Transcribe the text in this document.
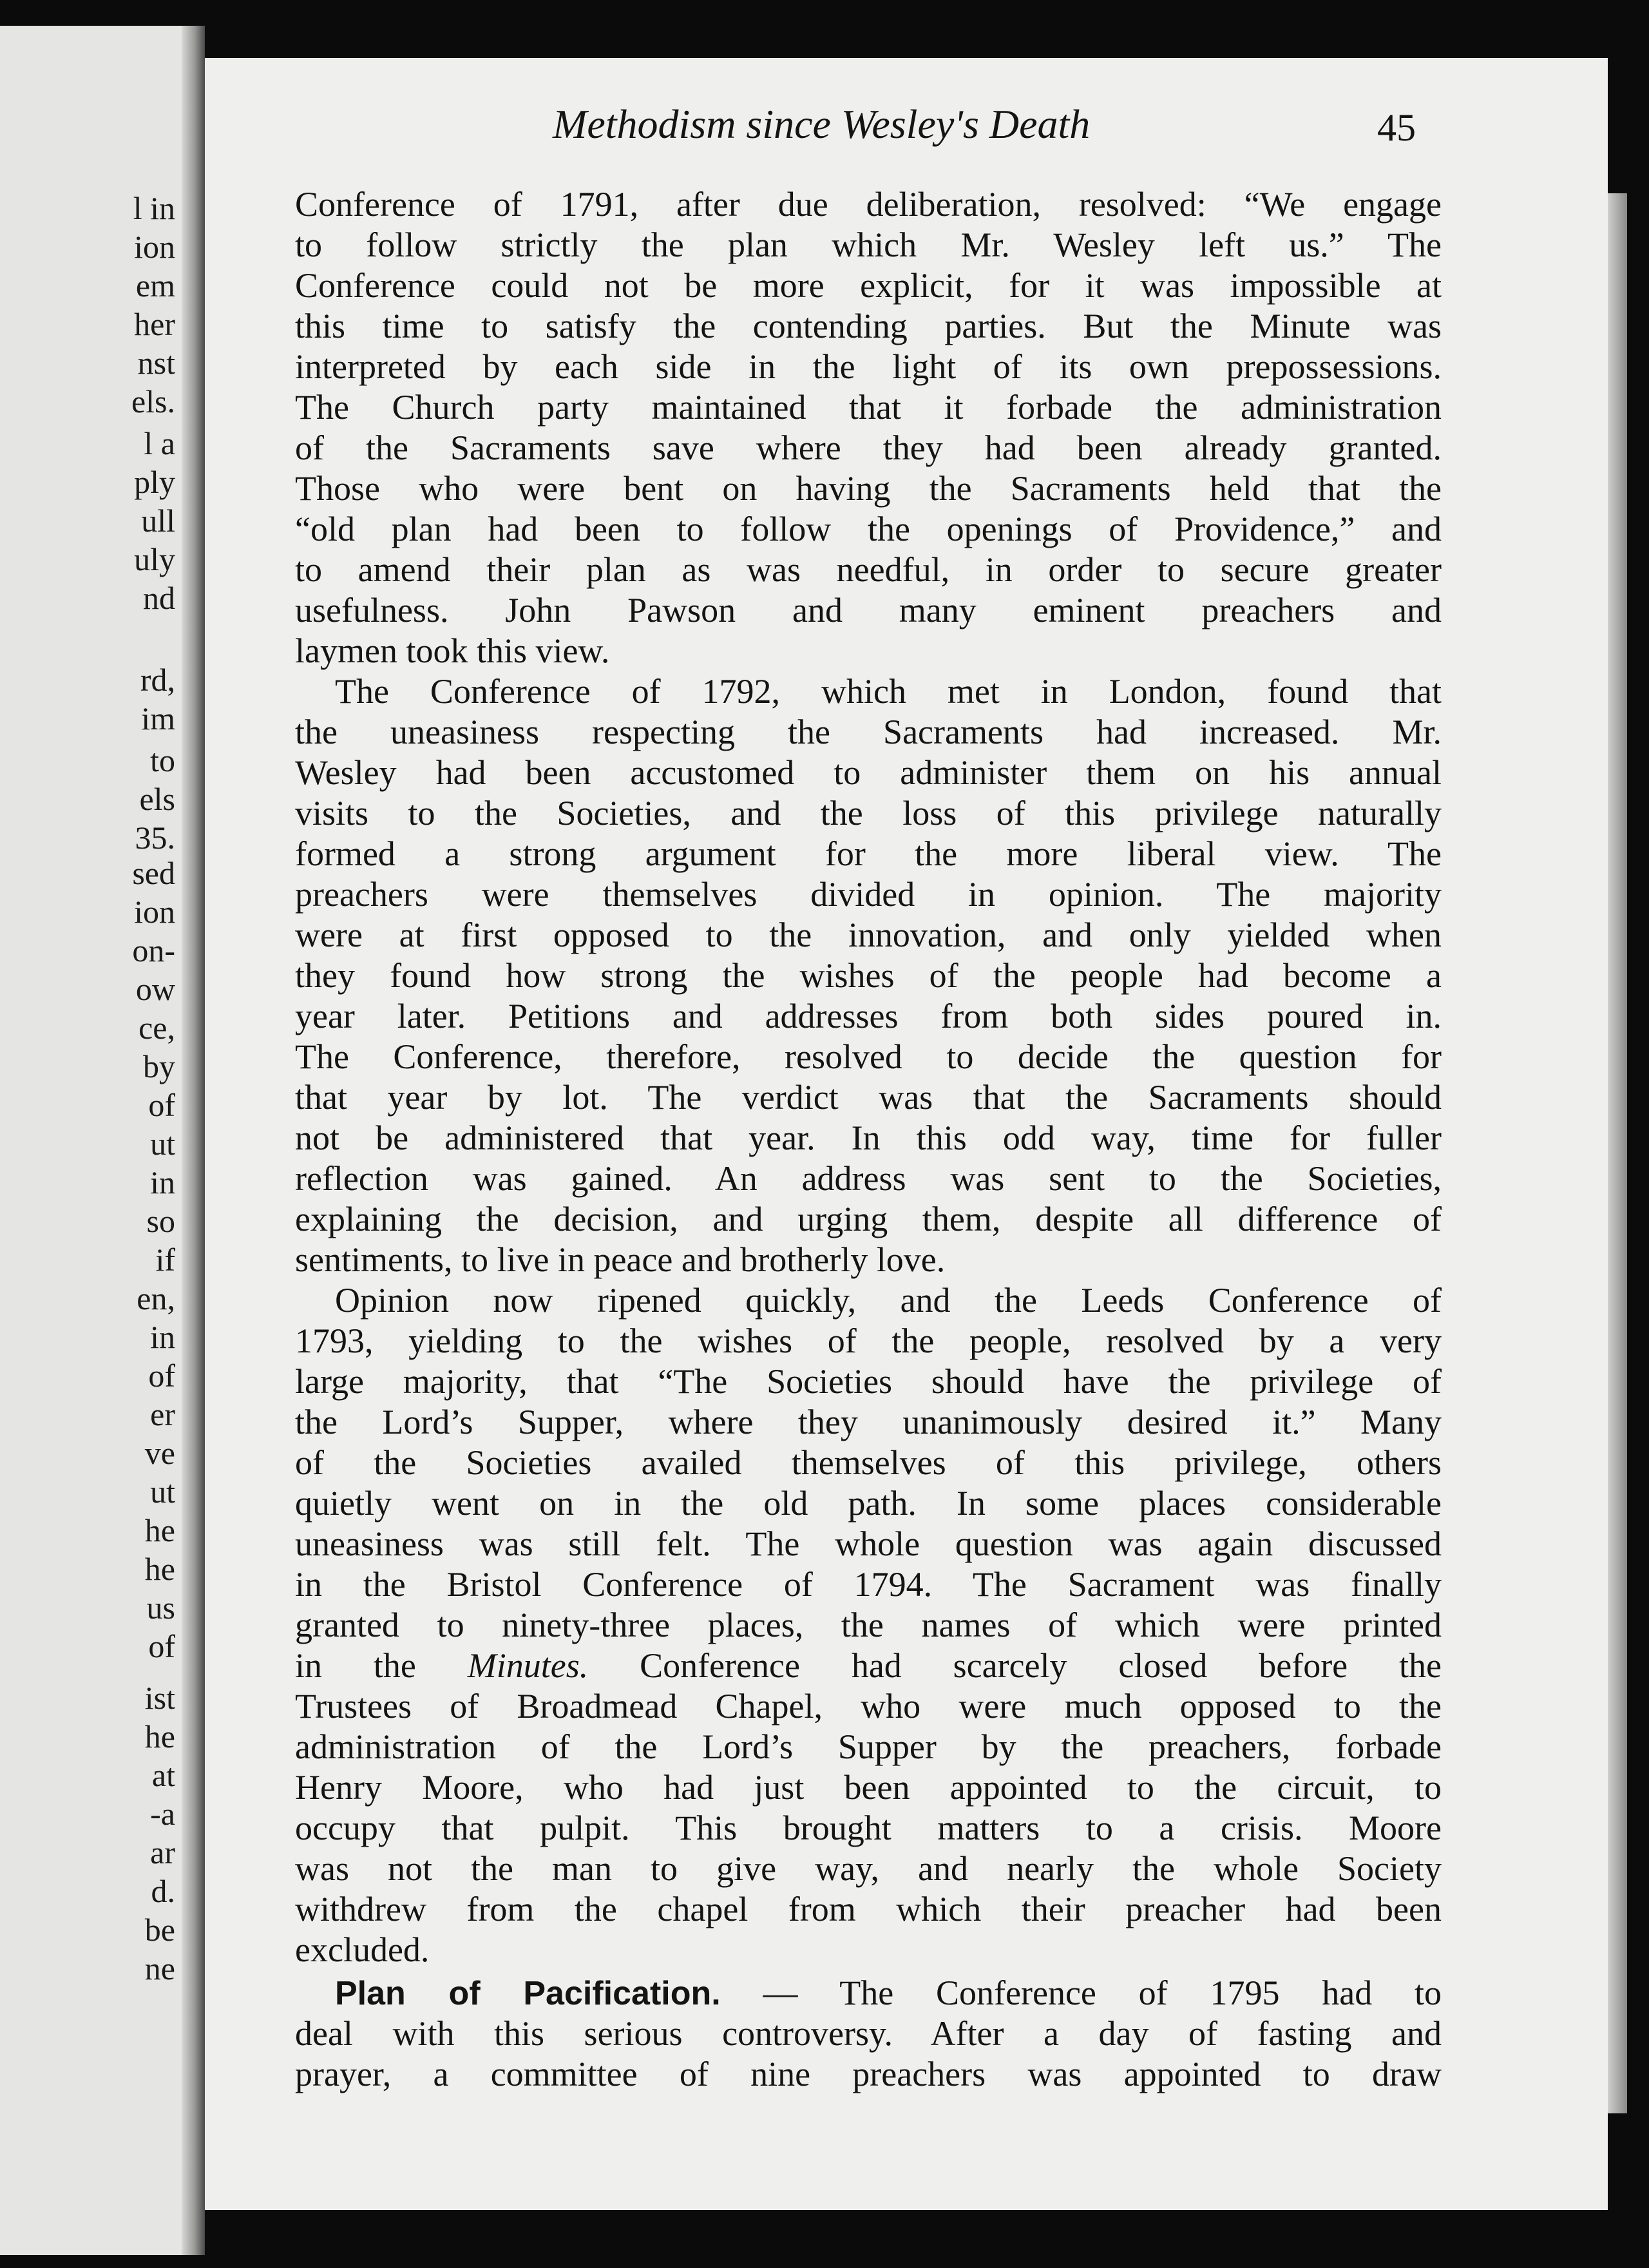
l in
ion
em
her
nst
els.
l a
ply
ull
uly
nd
rd,
im
to
els
35.
sed
ion
on-
ow
ce,
by
of
ut
in
so
if
en,
in
of
er
ve
ut
he
he
us
of
ist
he
at
-a
ar
d.
be
ne
Methodism since Wesley's Death	45
Conference of 1791, after due deliberation, resolved: “We engage
to follow strictly the plan which Mr. Wesley left us.” The
Conference could not be more explicit, for it was impossible at
this time to satisfy the contending parties. But the Minute was
interpreted by each side in the light of its own prepossessions.
The Church party maintained that it forbade the administration
of the Sacraments save where they had been already granted.
Those who were bent on having the Sacraments held that the
“old plan had been to follow the openings of Providence,” and
to amend their plan as was needful, in order to secure greater
usefulness. John Pawson and many eminent preachers and
laymen took this view.
The Conference of 1792, which met in London, found that
the uneasiness respecting the Sacraments had increased. Mr.
Wesley had been accustomed to administer them on his annual
visits to the Societies, and the loss of this privilege naturally
formed a strong argument for the more liberal view. The
preachers were themselves divided in opinion. The majority
were at first opposed to the innovation, and only yielded when
they found how strong the wishes of the people had become a
year later. Petitions and addresses from both sides poured in.
The Conference, therefore, resolved to decide the question for
that year by lot. The verdict was that the Sacraments should
not be administered that year. In this odd way, time for fuller
reflection was gained. An address was sent to the Societies,
explaining the decision, and urging them, despite all difference of
sentiments, to live in peace and brotherly love.
Opinion now ripened quickly, and the Leeds Conference of
1793, yielding to the wishes of the people, resolved by a very
large majority, that “The Societies should have the privilege of
the Lord’s Supper, where they unanimously desired it.” Many
of the Societies availed themselves of this privilege, others
quietly went on in the old path. In some places considerable
uneasiness was still felt. The whole question was again discussed
in the Bristol Conference of 1794. The Sacrament was finally
granted to ninety-three places, the names of which were printed
in the Minutes. Conference had scarcely closed before the
Trustees of Broadmead Chapel, who were much opposed to the
administration of the Lord’s Supper by the preachers, forbade
Henry Moore, who had just been appointed to the circuit, to
occupy that pulpit. This brought matters to a crisis. Moore
was not the man to give way, and nearly the whole Society
withdrew from the chapel from which their preacher had been
excluded.
Plan of Pacification. — The Conference of 1795 had to
deal with this serious controversy. After a day of fasting and
prayer, a committee of nine preachers was appointed to draw
